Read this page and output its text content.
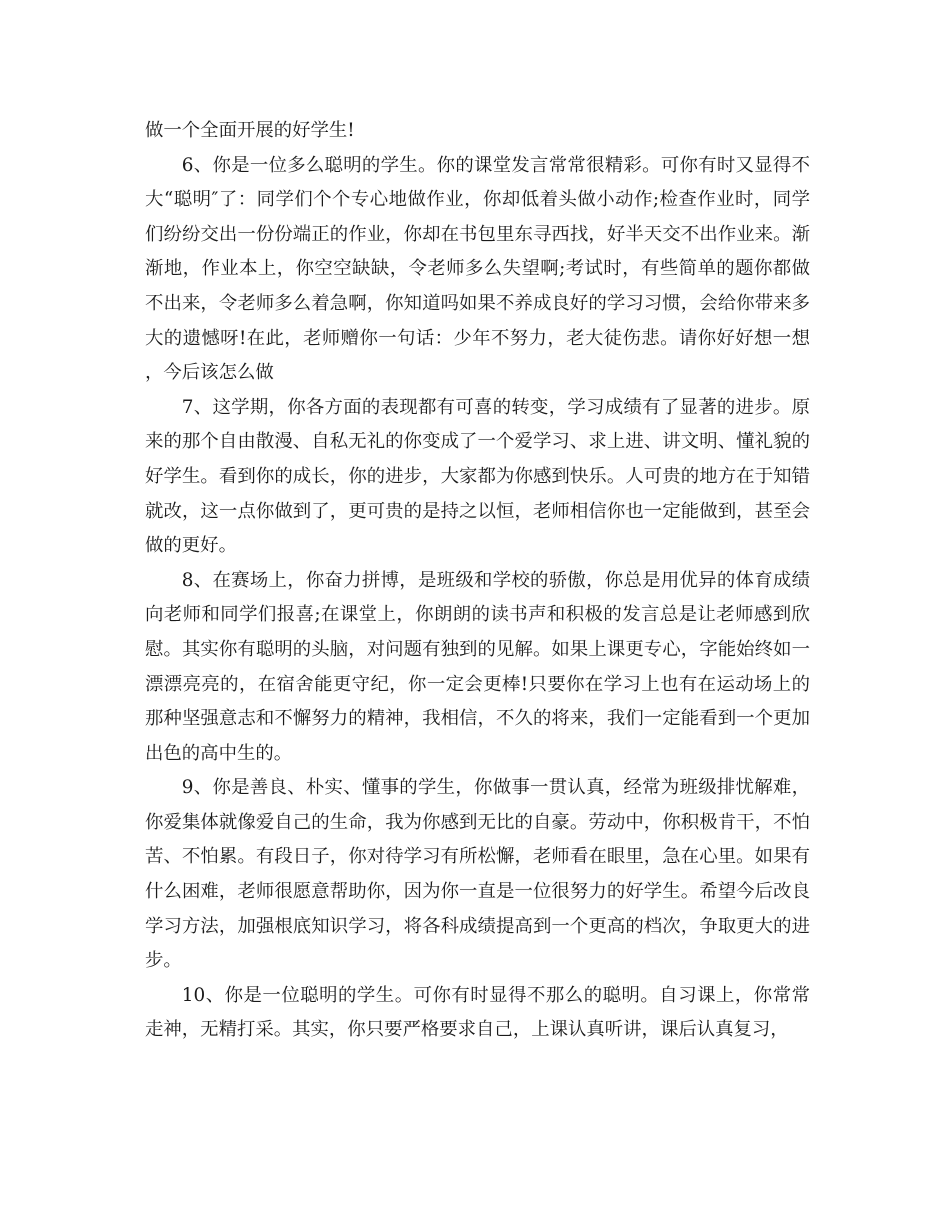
做一个全面开展的好学生!

6、你是一位多么聪明的学生。你的课堂发言常常很精彩。可你有时又显得不大“聪明″了：同学们个个专心地做作业，你却低着头做小动作;检查作业时，同学们纷纷交出一份份端正的作业，你却在书包里东寻西找，好半天交不出作业来。渐渐地，作业本上，你空空缺缺，令老师多么失望啊;考试时，有些简单的题你都做不出来，令老师多么着急啊，你知道吗如果不养成良好的学习习惯，会给你带来多大的遗憾呀!在此，老师赠你一句话：少年不努力，老大徒伤悲。请你好好想一想，今后该怎么做

7、这学期，你各方面的表现都有可喜的转变，学习成绩有了显著的进步。原来的那个自由散漫、自私无礼的你变成了一个爱学习、求上进、讲文明、懂礼貌的好学生。看到你的成长，你的进步，大家都为你感到快乐。人可贵的地方在于知错就改，这一点你做到了，更可贵的是持之以恒，老师相信你也一定能做到，甚至会做的更好。

8、在赛场上，你奋力拼博，是班级和学校的骄傲，你总是用优异的体育成绩向老师和同学们报喜;在课堂上，你朗朗的读书声和积极的发言总是让老师感到欣慰。其实你有聪明的头脑，对问题有独到的见解。如果上课更专心，字能始终如一漂漂亮亮的，在宿舍能更守纪，你一定会更棒!只要你在学习上也有在运动场上的那种坚强意志和不懈努力的精神，我相信，不久的将来，我们一定能看到一个更加出色的高中生的。

9、你是善良、朴实、懂事的学生，你做事一贯认真，经常为班级排忧解难，你爱集体就像爱自己的生命，我为你感到无比的自豪。劳动中，你积极肯干，不怕苦、不怕累。有段日子，你对待学习有所松懈，老师看在眼里，急在心里。如果有什么困难，老师很愿意帮助你，因为你一直是一位很努力的好学生。希望今后改良学习方法，加强根底知识学习，将各科成绩提高到一个更高的档次，争取更大的进步。

10、你是一位聪明的学生。可你有时显得不那么的聪明。自习课上，你常常走神，无精打采。其实，你只要严格要求自己，上课认真听讲，课后认真复习，
